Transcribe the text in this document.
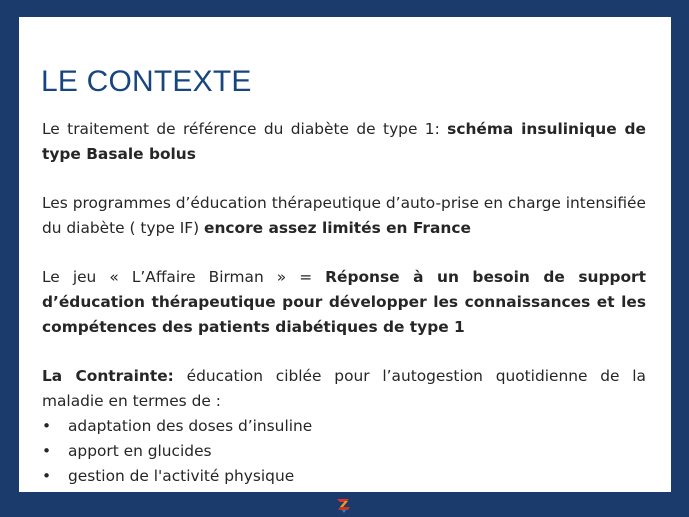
LE CONTEXTE

Le traitement de référence du diabète de type 1: schéma insulinique de type Basale bolus

Les programmes d’éducation thérapeutique d’auto-prise en charge intensifiée du diabète ( type IF) encore assez limités en France

Le jeu « L’Affaire Birman » = Réponse à un besoin de support d’éducation thérapeutique pour développer les connaissances et les compétences des patients diabétiques de type 1

La Contrainte: éducation ciblée pour l’autogestion quotidienne de la maladie en termes de :

• adaptation des doses d’insuline
• apport en glucides
• gestion de l'activité physique
